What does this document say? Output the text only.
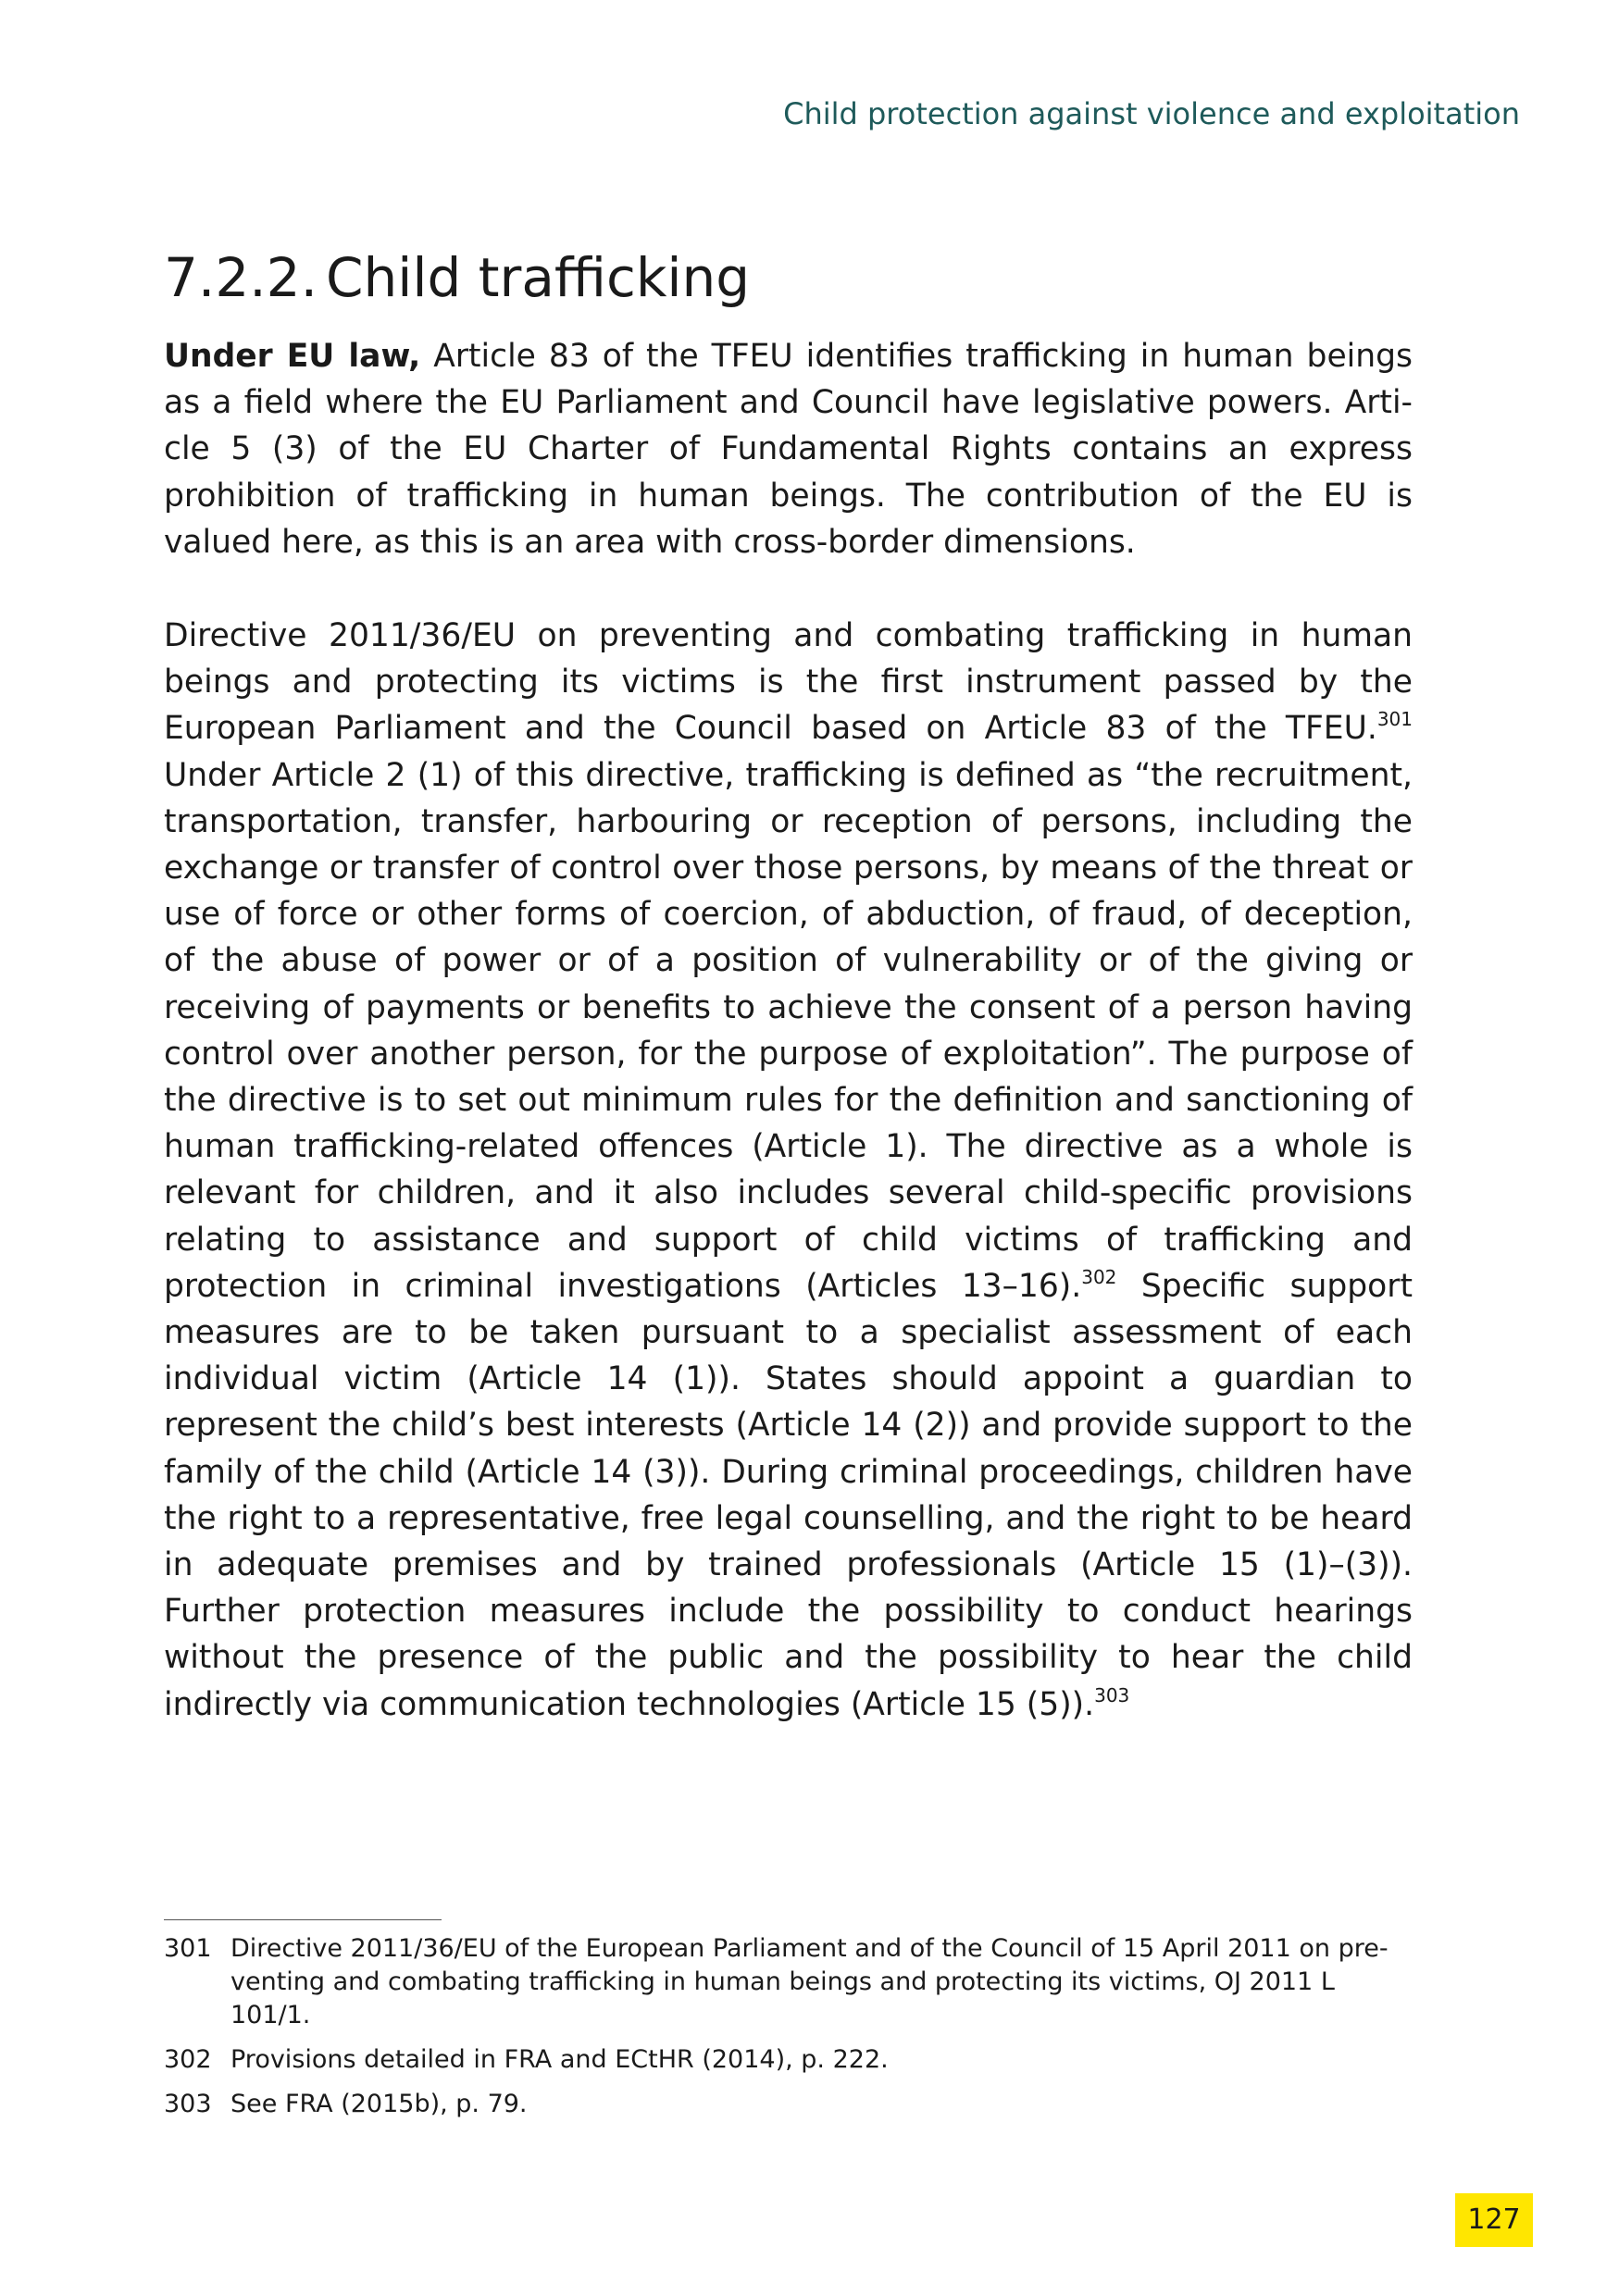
Child protection against violence and exploitation
7.2.2. Child trafficking

Under EU law, Article 83 of the TFEU identifies trafficking in human beings as a field where the EU Parliament and Council have legislative powers. Article 5 (3) of the EU Charter of Fundamental Rights contains an express prohibition of trafficking in human beings. The contribution of the EU is valued here, as this is an area with cross-border dimensions.

Directive 2011/36/EU on preventing and combating trafficking in human beings and protecting its victims is the first instrument passed by the European Parliament and the Council based on Article 83 of the TFEU.$^{301}$ Under Article 2 (1) of this directive, trafficking is defined as “the recruitment, transportation, transfer, harbouring or reception of persons, including the exchange or transfer of control over those persons, by means of the threat or use of force or other forms of coercion, of abduction, of fraud, of deception, of the abuse of power or of a position of vulnerability or of the giving or receiving of payments or benefits to achieve the consent of a person having control over another person, for the purpose of exploitation”. The purpose of the directive is to set out minimum rules for the definition and sanctioning of human trafficking-related offences (Article 1). The directive as a whole is relevant for children, and it also includes several child-specific provisions relating to assistance and support of child victims of trafficking and protection in criminal investigations (Articles 13–16).$^{302}$ Specific support measures are to be taken pursuant to a specialist assessment of each individual victim (Article 14 (1)). States should appoint a guardian to represent the child’s best interests (Article 14 (2)) and provide support to the family of the child (Article 14 (3)). During criminal proceedings, children have the right to a representative, free legal counselling, and the right to be heard in adequate premises and by trained professionals (Article 15 (1)–(3)). Further protection measures include the possibility to conduct hearings without the presence of the public and the possibility to hear the child indirectly via communication technologies (Article 15 (5)).$^{303}$

301 Directive 2011/36/EU of the European Parliament and of the Council of 15 April 2011 on preventing and combating trafficking in human beings and protecting its victims, OJ 2011 L 101/1.
302 Provisions detailed in FRA and ECtHR (2014), p. 222.
303 See FRA (2015b), p. 79.
127
